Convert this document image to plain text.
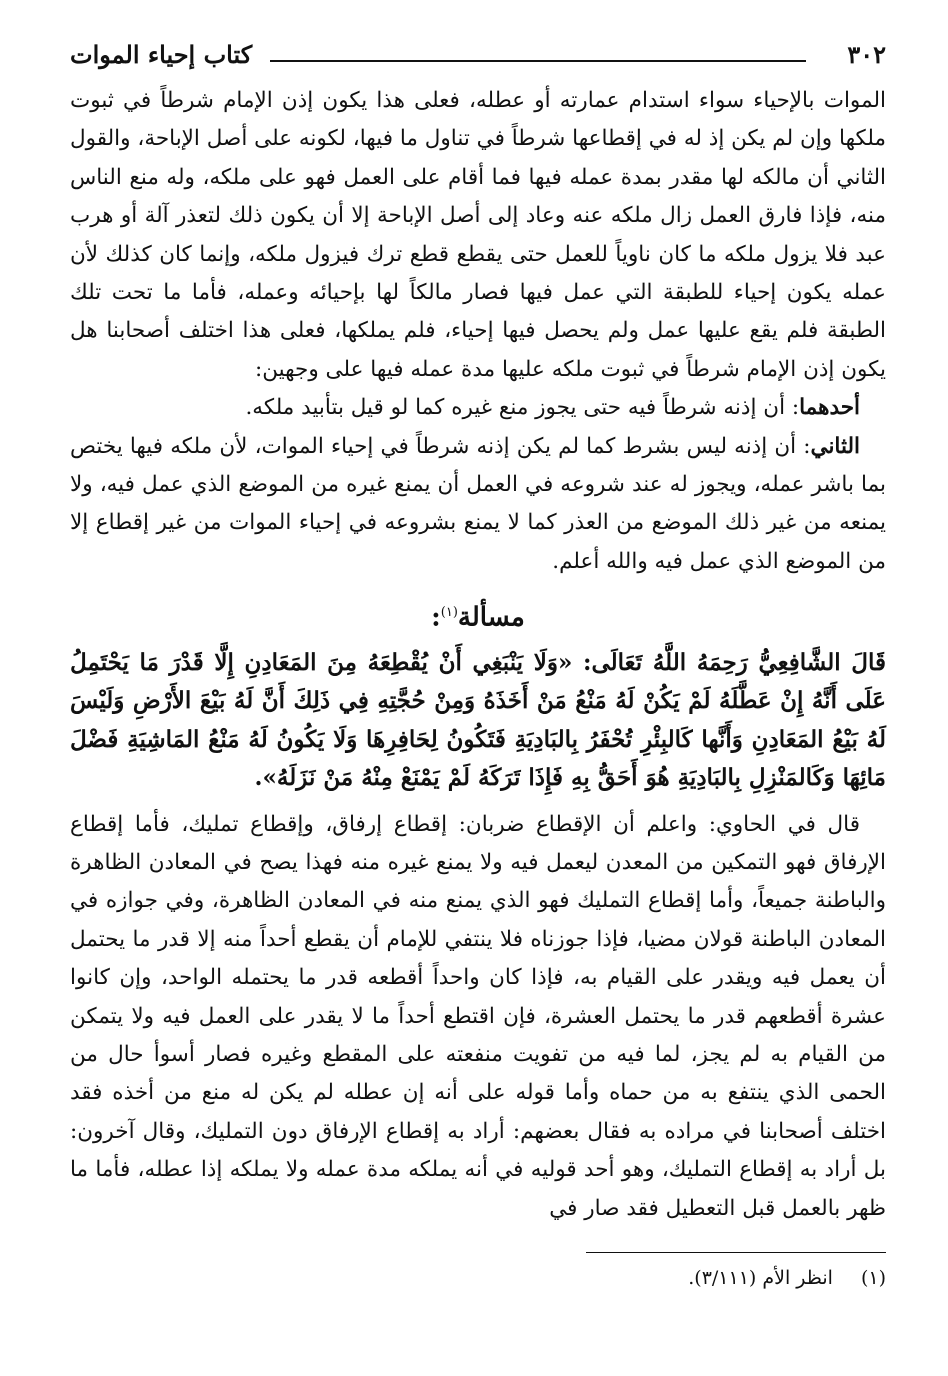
٣٠٢
كتاب إحياء الموات

الموات بالإحياء سواء استدام عمارته أو عطله، فعلى هذا يكون إذن الإمام شرطاً في ثبوت ملكها وإن لم يكن إذ له في إقطاعها شرطاً في تناول ما فيها، لكونه على أصل الإباحة، والقول الثاني أن مالكه لها مقدر بمدة عمله فيها فما أقام على العمل فهو على ملكه، وله منع الناس منه، فإذا فارق العمل زال ملكه عنه وعاد إلى أصل الإباحة إلا أن يكون ذلك لتعذر آلة أو هرب عبد فلا يزول ملكه ما كان ناوياً للعمل حتى يقطع قطع ترك فيزول ملكه، وإنما كان كذلك لأن عمله يكون إحياء للطبقة التي عمل فيها فصار مالكاً لها بإحيائه وعمله، فأما ما تحت تلك الطبقة فلم يقع عليها عمل ولم يحصل فيها إحياء، فلم يملكها، فعلى هذا اختلف أصحابنا هل يكون إذن الإمام شرطاً في ثبوت ملكه عليها مدة عمله فيها على وجهين:

أحدهما: أن إذنه شرطاً فيه حتى يجوز منع غيره كما لو قيل بتأبيد ملكه.

الثاني: أن إذنه ليس بشرط كما لم يكن إذنه شرطاً في إحياء الموات، لأن ملكه فيها يختص بما باشر عمله، ويجوز له عند شروعه في العمل أن يمنع غيره من الموضع الذي عمل فيه، ولا يمنعه من غير ذلك الموضع من العذر كما لا يمنع بشروعه في إحياء الموات من غير إقطاع إلا من الموضع الذي عمل فيه والله أعلم.

مسألة$^{(١)}$:

قَالَ الشَّافِعِيُّ رَحِمَهُ اللَّهُ تَعَالَى: «وَلَا يَنْبَغِي أَنْ يُقْطِعَهُ مِنَ المَعَادِنِ إِلَّا قَدْرَ مَا يَحْتَمِلُ عَلَى أَنَّهُ إِنْ عَطَّلَهُ لَمْ يَكُنْ لَهُ مَنْعُ مَنْ أَخَذَهُ وَمِنْ حُجَّتِهِ فِي ذَلِكَ أَنَّ لَهُ بَيْعَ الأَرْضِ وَلَيْسَ لَهُ بَيْعُ المَعَادِنِ وَأَنَّها كَالبِئْرِ تُحْفَرُ بِالبَادِيَةِ فَتَكُونُ لِحَافِرِهَا وَلَا يَكُونُ لَهُ مَنْعُ المَاشِيَةِ فَضْلَ مَائِهَا وَكَالمَنْزِلِ بِالبَادِيَةِ هُوَ أَحَقُّ بِهِ فَإِذَا تَرَكَهُ لَمْ يَمْنَعْ مِنْهُ مَنْ نَزَلَهُ».

قال في الحاوي: واعلم أن الإقطاع ضربان: إقطاع إرفاق، وإقطاع تمليك، فأما إقطاع الإرفاق فهو التمكين من المعدن ليعمل فيه ولا يمنع غيره منه فهذا يصح في المعادن الظاهرة والباطنة جميعاً، وأما إقطاع التمليك فهو الذي يمنع منه في المعادن الظاهرة، وفي جوازه في المعادن الباطنة قولان مضيا، فإذا جوزناه فلا ينتفي للإمام أن يقطع أحداً منه إلا قدر ما يحتمل أن يعمل فيه ويقدر على القيام به، فإذا كان واحداً أقطعه قدر ما يحتمله الواحد، وإن كانوا عشرة أقطعهم قدر ما يحتمل العشرة، فإن اقتطع أحداً ما لا يقدر على العمل فيه ولا يتمكن من القيام به لم يجز، لما فيه من تفويت منفعته على المقطع وغيره فصار أسوأ حال من الحمى الذي ينتفع به من حماه وأما قوله على أنه إن عطله لم يكن له منع من أخذه فقد اختلف أصحابنا في مراده به فقال بعضهم: أراد به إقطاع الإرفاق دون التمليك، وقال آخرون: بل أراد به إقطاع التمليك، وهو أحد قوليه في أنه يملكه مدة عمله ولا يملكه إذا عطله، فأما ما ظهر بالعمل قبل التعطيل فقد صار في

(١)انظر الأم (٣/١١١).
